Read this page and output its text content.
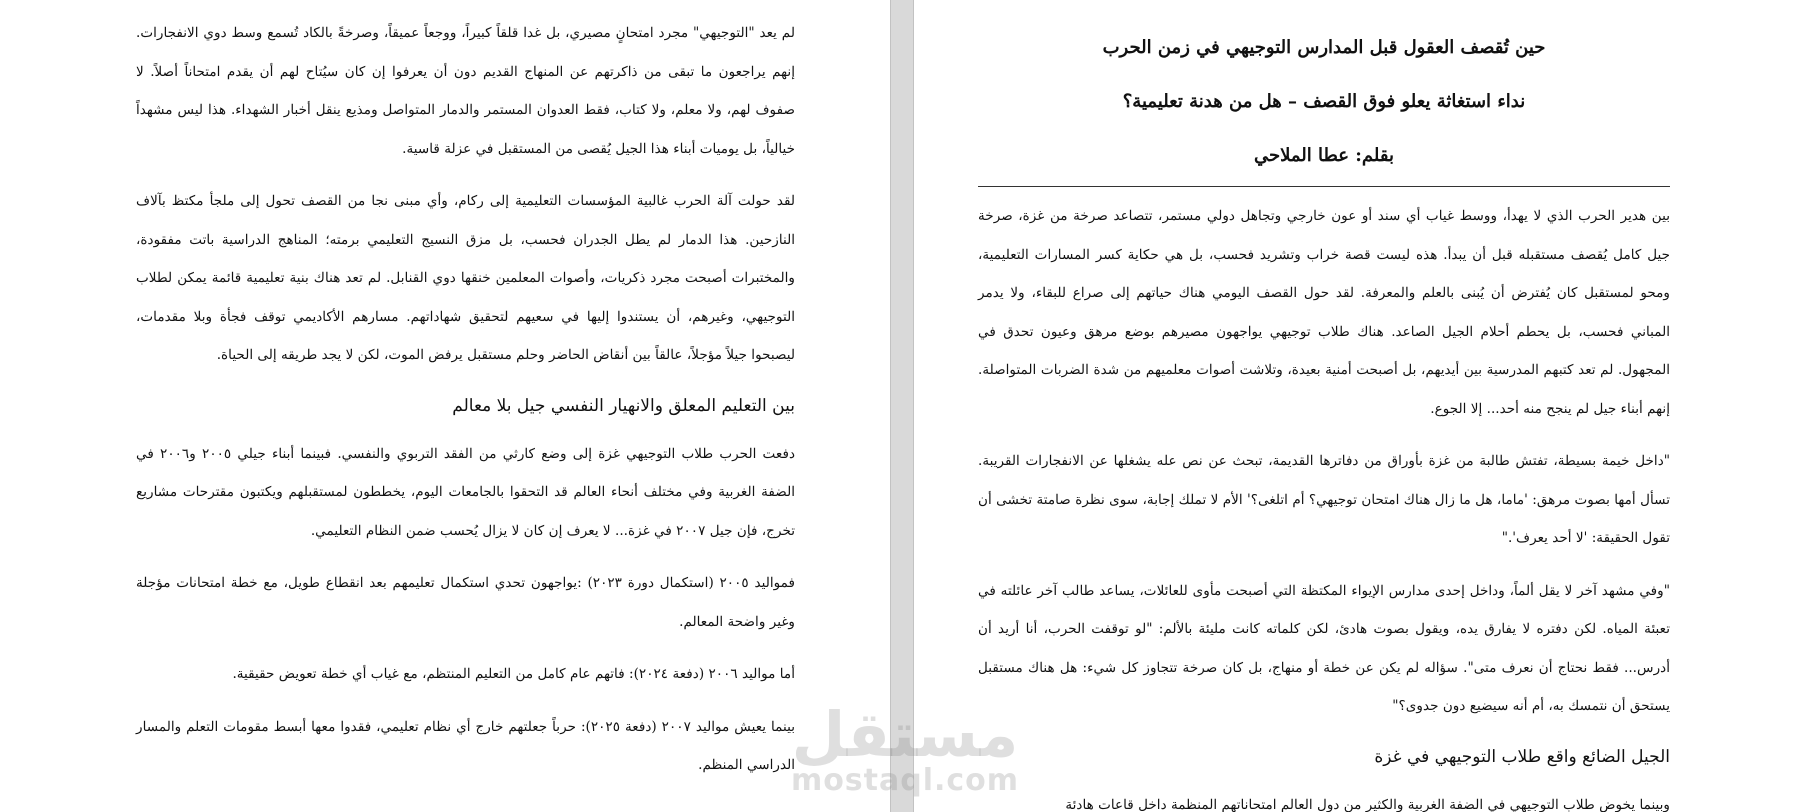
لم يعد "التوجيهي" مجرد امتحانٍ مصيري، بل غدا قلقاً كبيراً، ووجعاً عميقاً، وصرخةً بالكاد تُسمع وسط دوي الانفجارات. إنهم يراجعون ما تبقى من ذاكرتهم عن المنهاج القديم دون أن يعرفوا إن كان سيُتاح لهم أن يقدم امتحاناً أصلاً. لا صفوف لهم، ولا معلم، ولا كتاب، فقط العدوان المستمر والدمار المتواصل ومذيع ينقل أخبار الشهداء. هذا ليس مشهداً خيالياً، بل يوميات أبناء هذا الجيل يُقصى من المستقبل في عزلة قاسية.

لقد حولت آلة الحرب غالبية المؤسسات التعليمية إلى ركام، وأي مبنى نجا من القصف تحول إلى ملجأ مكتظ بآلاف النازحين. هذا الدمار لم يطل الجدران فحسب، بل مزق النسيج التعليمي برمته؛ المناهج الدراسية باتت مفقودة، والمختبرات أصبحت مجرد ذكريات، وأصوات المعلمين خنقها دوي القنابل. لم تعد هناك بنية تعليمية قائمة يمكن لطلاب التوجيهي، وغيرهم، أن يستندوا إليها في سعيهم لتحقيق شهاداتهم. مسارهم الأكاديمي توقف فجأة وبلا مقدمات، ليصبحوا جيلاً مؤجلاً، عالقاً بين أنقاض الحاضر وحلم مستقبل يرفض الموت، لكن لا يجد طريقه إلى الحياة.

بين التعليم المعلق والانهيار النفسي جيل بلا معالم

دفعت الحرب طلاب التوجيهي غزة إلى وضع كارثي من الفقد التربوي والنفسي. فبينما أبناء جيلي ٢٠٠٥ و٢٠٠٦ في الضفة الغربية وفي مختلف أنحاء العالم قد التحقوا بالجامعات اليوم، يخططون لمستقبلهم ويكتبون مقترحات مشاريع تخرج، فإن جيل ٢٠٠٧ في غزة... لا يعرف إن كان لا يزال يُحسب ضمن النظام التعليمي.

فمواليد ٢٠٠٥ (استكمال دورة ٢٠٢٣) :يواجهون تحدي استكمال تعليمهم بعد انقطاع طويل، مع خطة امتحانات مؤجلة وغير واضحة المعالم.

أما مواليد ٢٠٠٦ (دفعة ٢٠٢٤): فاتهم عام كامل من التعليم المنتظم، مع غياب أي خطة تعويض حقيقية.

بينما يعيش مواليد ٢٠٠٧ (دفعة ٢٠٢٥): حرباً جعلتهم خارج أي نظام تعليمي، فقدوا معها أبسط مقومات التعلم والمسار الدراسي المنظم.

حين تُقصف العقول قبل المدارس التوجيهي في زمن الحرب
نداء استغاثة يعلو فوق القصف – هل من هدنة تعليمية؟
بقلم: عطا الملاحي

بين هدير الحرب الذي لا يهدأ، ووسط غياب أي سند أو عون خارجي وتجاهل دولي مستمر، تتصاعد صرخة من غزة، صرخة جيل كامل يُقصف مستقبله قبل أن يبدأ. هذه ليست قصة خراب وتشريد فحسب، بل هي حكاية كسر المسارات التعليمية، ومحو لمستقبل كان يُفترض أن يُبنى بالعلم والمعرفة. لقد حول القصف اليومي هناك حياتهم إلى صراع للبقاء، ولا يدمر المباني فحسب، بل يحطم أحلام الجيل الصاعد. هناك طلاب توجيهي يواجهون مصيرهم بوضع مرهق وعيون تحدق في المجهول. لم تعد كتبهم المدرسية بين أيديهم، بل أصبحت أمنية بعيدة، وتلاشت أصوات معلميهم من شدة الضربات المتواصلة. إنهم أبناء جيل لم ينجح منه أحد... إلا الجوع.

"داخل خيمة بسيطة، تفتش طالبة من غزة بأوراق من دفاترها القديمة، تبحث عن نص عله يشغلها عن الانفجارات القريبة. تسأل أمها بصوت مرهق: 'ماما، هل ما زال هناك امتحان توجيهي؟ أم اتلغى؟' الأم لا تملك إجابة، سوى نظرة صامتة تخشى أن تقول الحقيقة: 'لا أحد يعرف'."

"وفي مشهد آخر لا يقل ألماً، وداخل إحدى مدارس الإيواء المكتظة التي أصبحت مأوى للعائلات، يساعد طالب آخر عائلته في تعبئة المياه. لكن دفتره لا يفارق يده، ويقول بصوت هادئ، لكن كلماته كانت مليئة بالألم: "لو توقفت الحرب، أنا أريد أن أدرس... فقط نحتاج أن نعرف متى". سؤاله لم يكن عن خطة أو منهاج، بل كان صرخة تتجاوز كل شيء: هل هناك مستقبل يستحق أن نتمسك به، أم أنه سيضيع دون جدوى؟"

الجيل الضائع واقع طلاب التوجيهي في غزة

وبينما يخوض طلاب التوجيهي في الضفة الغربية والكثير من دول العالم امتحاناتهم المنظمة داخل قاعات هادئة

مستقل
mostaql.com
